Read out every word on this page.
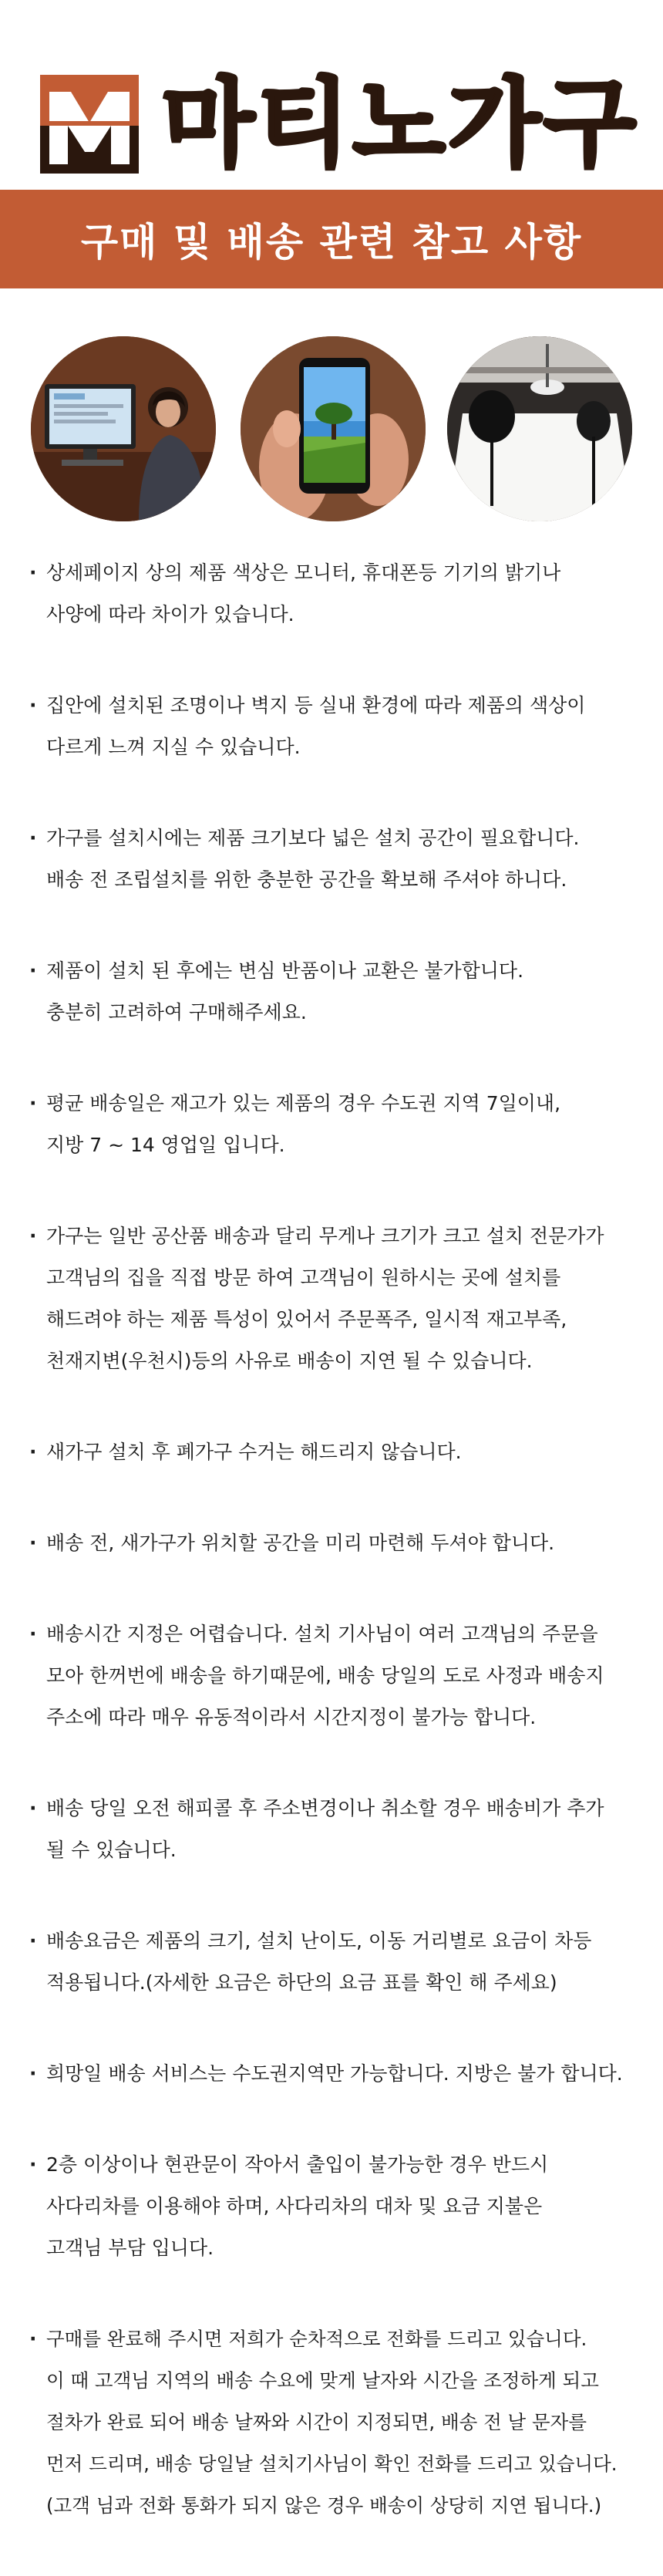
마티노가구
구매 및 배송 관련 참고 사항
· 상세페이지 상의 제품 색상은 모니터, 휴대폰등 기기의 밝기나
사양에 따라 차이가 있습니다.
· 집안에 설치된 조명이나 벽지 등 실내 환경에 따라 제품의 색상이
다르게 느껴 지실 수 있습니다.
· 가구를 설치시에는 제품 크기보다 넓은 설치 공간이 필요합니다.
배송 전 조립설치를 위한 충분한 공간을 확보해 주셔야 하니다.
· 제품이 설치 된 후에는 변심 반품이나 교환은 불가합니다.
충분히 고려하여 구매해주세요.
· 평균 배송일은 재고가 있는 제품의 경우 수도권 지역 7일이내,
지방 7 ~ 14 영업일 입니다.
· 가구는 일반 공산품 배송과 달리 무게나 크기가 크고 설치 전문가가
고객님의 집을 직접 방문 하여 고객님이 원하시는 곳에 설치를
해드려야 하는 제품 특성이 있어서 주문폭주, 일시적 재고부족,
천재지변(우천시)등의 사유로 배송이 지연 될 수 있습니다.
· 새가구 설치 후 폐가구 수거는 해드리지 않습니다.
· 배송 전, 새가구가 위치할 공간을 미리 마련해 두셔야 합니다.
· 배송시간 지정은 어렵습니다. 설치 기사님이 여러 고객님의 주문을
모아 한꺼번에 배송을 하기때문에, 배송 당일의 도로 사정과 배송지
주소에 따라 매우 유동적이라서 시간지정이 불가능 합니다.
· 배송 당일 오전 해피콜 후 주소변경이나 취소할 경우 배송비가 추가
될 수 있습니다.
· 배송요금은 제품의 크기, 설치 난이도, 이동 거리별로 요금이 차등
적용됩니다.(자세한 요금은 하단의 요금 표를 확인 해 주세요)
· 희망일 배송 서비스는 수도권지역만 가능합니다. 지방은 불가 합니다.
· 2층 이상이나 현관문이 작아서 출입이 불가능한 경우 반드시
사다리차를 이용해야 하며, 사다리차의 대차 및 요금 지불은
고객님 부담 입니다.
· 구매를 완료해 주시면 저희가 순차적으로 전화를 드리고 있습니다.
이 때 고객님 지역의 배송 수요에 맞게 날자와 시간을 조정하게 되고
절차가 완료 되어 배송 날짜와 시간이 지정되면, 배송 전 날 문자를
먼저 드리며, 배송 당일날 설치기사님이 확인 전화를 드리고 있습니다.
(고객 님과 전화 통화가 되지 않은 경우 배송이 상당히 지연 됩니다.)
